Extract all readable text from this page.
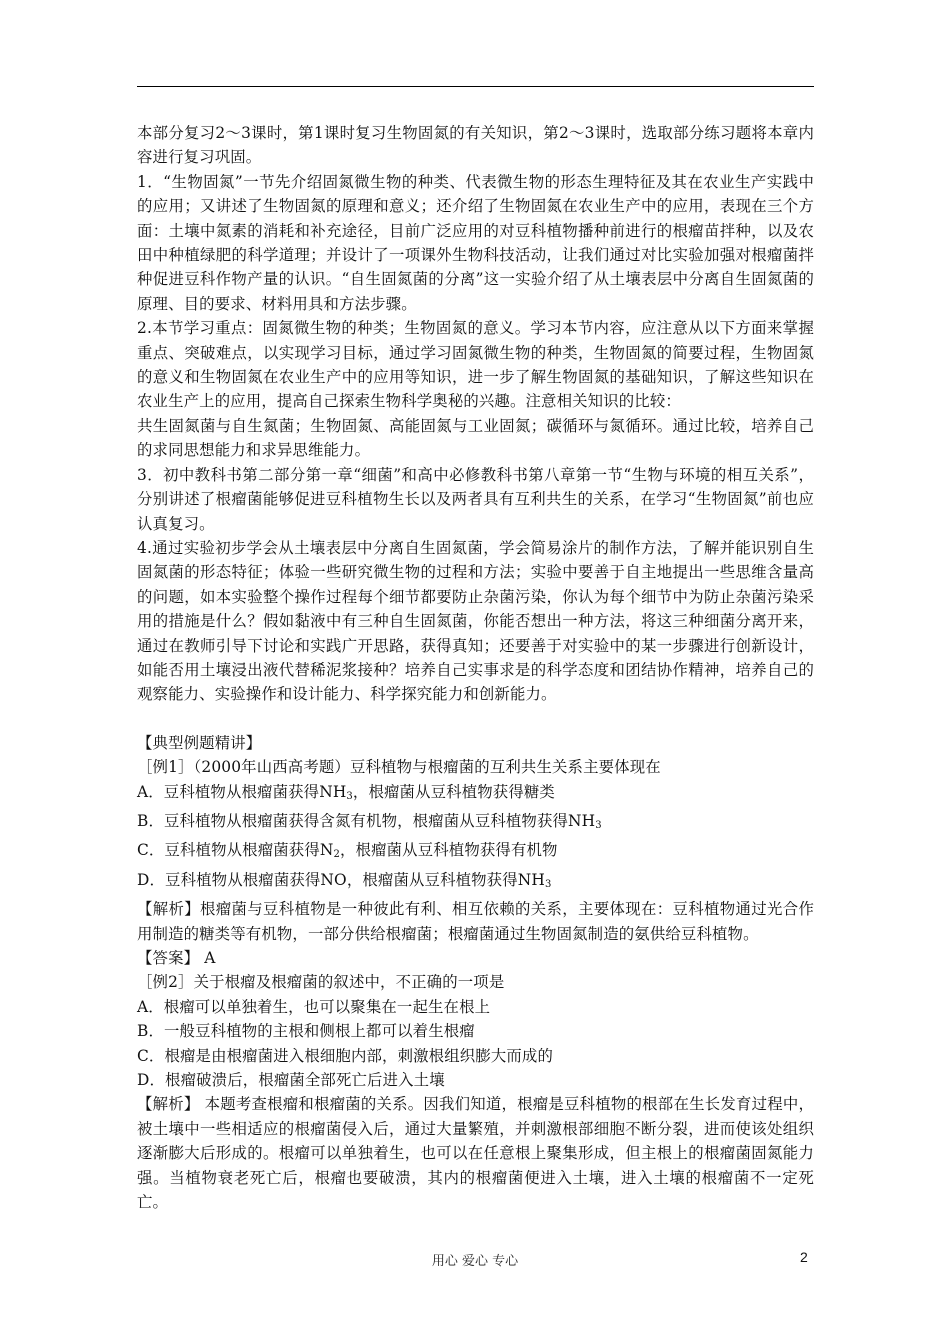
本部分复习2～3课时，第1课时复习生物固氮的有关知识，第2～3课时，选取部分练习题将本章内容进行复习巩固。

1．“生物固氮”一节先介绍固氮微生物的种类、代表微生物的形态生理特征及其在农业生产实践中的应用；又讲述了生物固氮的原理和意义；还介绍了生物固氮在农业生产中的应用，表现在三个方面：土壤中氮素的消耗和补充途径，目前广泛应用的对豆科植物播种前进行的根瘤苗拌种，以及农田中种植绿肥的科学道理；并设计了一项课外生物科技活动，让我们通过对比实验加强对根瘤菌拌种促进豆科作物产量的认识。“自生固氮菌的分离”这一实验介绍了从土壤表层中分离自生固氮菌的原理、目的要求、材料用具和方法步骤。

2.本节学习重点：固氮微生物的种类；生物固氮的意义。学习本节内容，应注意从以下方面来掌握重点、突破难点，以实现学习目标，通过学习固氮微生物的种类，生物固氮的简要过程，生物固氮的意义和生物固氮在农业生产中的应用等知识，进一步了解生物固氮的基础知识，了解这些知识在农业生产上的应用，提高自己探索生物科学奥秘的兴趣。注意相关知识的比较：

共生固氮菌与自生氮菌；生物固氮、高能固氮与工业固氮；碳循环与氮循环。通过比较，培养自己的求同思想能力和求异思维能力。

3．初中教科书第二部分第一章“细菌”和高中必修教科书第八章第一节“生物与环境的相互关系”，分别讲述了根瘤菌能够促进豆科植物生长以及两者具有互利共生的关系，在学习“生物固氮”前也应认真复习。

4.通过实验初步学会从土壤表层中分离自生固氮菌，学会简易涂片的制作方法，了解并能识别自生固氮菌的形态特征；体验一些研究微生物的过程和方法；实验中要善于自主地提出一些思维含量高的问题，如本实验整个操作过程每个细节都要防止杂菌污染，你认为每个细节中为防止杂菌污染采用的措施是什么？假如黏液中有三种自生固氮菌，你能否想出一种方法，将这三种细菌分离开来，通过在教师引导下讨论和实践广开思路，获得真知；还要善于对实验中的某一步骤进行创新设计，如能否用土壤浸出液代替稀泥浆接种？培养自己实事求是的科学态度和团结协作精神，培养自己的观察能力、实验操作和设计能力、科学探究能力和创新能力。

【典型例题精讲】

［例1］（2000年山西高考题）豆科植物与根瘤菌的互利共生关系主要体现在

A．豆科植物从根瘤菌获得$NH_3$，根瘤菌从豆科植物获得糖类

B．豆科植物从根瘤菌获得含氮有机物，根瘤菌从豆科植物获得$NH_3$

C．豆科植物从根瘤菌获得$N_2$，根瘤菌从豆科植物获得有机物

D．豆科植物从根瘤菌获得NO，根瘤菌从豆科植物获得$NH_3$

【解析】根瘤菌与豆科植物是一种彼此有利、相互依赖的关系，主要体现在：豆科植物通过光合作用制造的糖类等有机物，一部分供给根瘤菌；根瘤菌通过生物固氮制造的氨供给豆科植物。

【答案】 A

［例2］关于根瘤及根瘤菌的叙述中，不正确的一项是

A．根瘤可以单独着生，也可以聚集在一起生在根上

B．一般豆科植物的主根和侧根上都可以着生根瘤

C．根瘤是由根瘤菌进入根细胞内部，刺激根组织膨大而成的

D．根瘤破溃后，根瘤菌全部死亡后进入土壤

【解析】 本题考查根瘤和根瘤菌的关系。因我们知道，根瘤是豆科植物的根部在生长发育过程中，被土壤中一些相适应的根瘤菌侵入后，通过大量繁殖，并刺激根部细胞不断分裂，进而使该处组织逐渐膨大后形成的。根瘤可以单独着生，也可以在任意根上聚集形成，但主根上的根瘤菌固氮能力强。当植物衰老死亡后，根瘤也要破溃，其内的根瘤菌便进入土壤，进入土壤的根瘤菌不一定死亡。

用心 爱心 专心	2
